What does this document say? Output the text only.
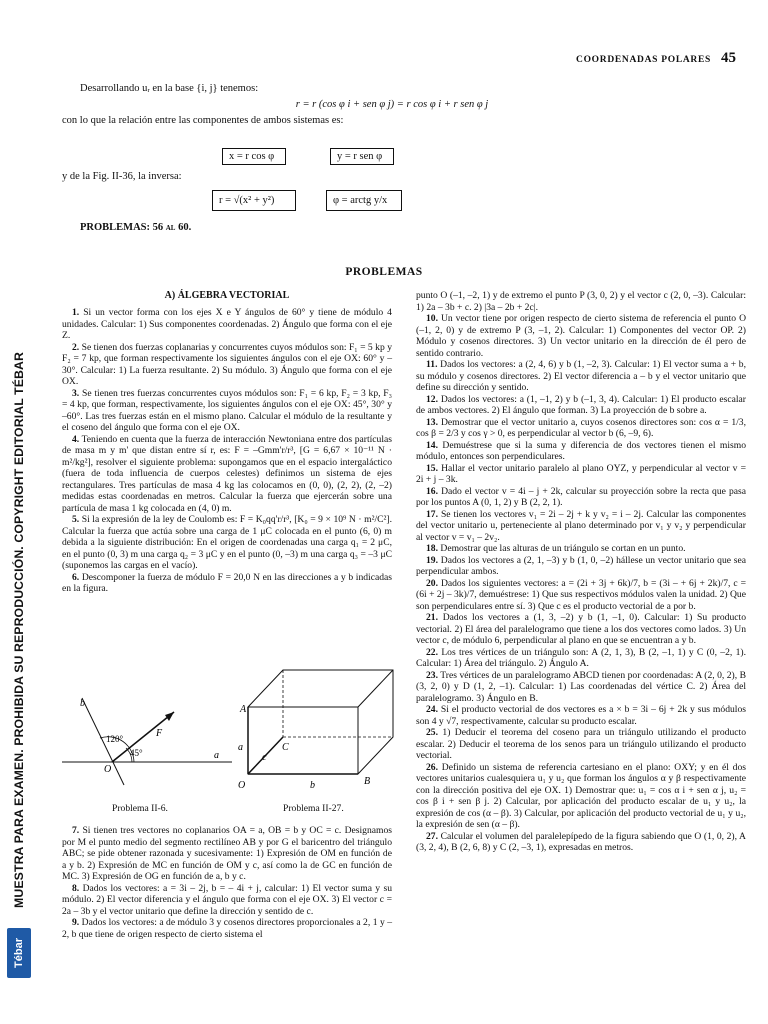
COORDENADAS POLARES 45
MUESTRA PARA EXAMEN. PROHIBIDA SU REPRODUCCIÓN. COPYRIGHT EDITORIAL TÉBAR
Tébar

Desarrollando uᵣ en la base {i, j} tenemos:

r = r (cos φ i + sen φ j) = r cos φ i + r sen φ j

con lo que la relación entre las componentes de ambos sistemas es:

x = r cos φ	y = r sen φ

y de la Fig. II-36, la inversa:

r = √(x² + y²)	φ = arctg y/x

PROBLEMAS: 56 al 60.

PROBLEMAS
A) ÁLGEBRA VECTORIAL

1. Si un vector forma con los ejes X e Y ángulos de 60° y tiene de módulo 4 unidades. Calcular: 1) Sus componentes coordenadas. 2) Ángulo que forma con el eje Z.

2. Se tienen dos fuerzas coplanarias y concurrentes cuyos módulos son: F₁ = 5 kp y F₂ = 7 kp, que forman respectivamente los siguientes ángulos con el eje OX: 60° y –30°. Calcular: 1) La fuerza resultante. 2) Su módulo. 3) Ángulo que forma con el eje OX.

3. Se tienen tres fuerzas concurrentes cuyos módulos son: F₁ = 6 kp, F₂ = 3 kp, F₃ = 4 kp, que forman, respectivamente, los siguientes ángulos con el eje OX: 45°, 30° y –60°. Las tres fuerzas están en el mismo plano. Calcular el módulo de la resultante y el coseno del ángulo que forma con el eje OX.

4. Teniendo en cuenta que la fuerza de interacción Newtoniana entre dos partículas de masa m y m' que distan entre sí r, es: F = –Gmm'r/r³, [G = 6,67 × 10⁻¹¹ N · m²/kg²], resolver el siguiente problema: supongamos que en el espacio intergaláctico (fuera de toda influencia de cuerpos celestes) definimos un sistema de ejes rectangulares. Tres partículas de masa 4 kg las colocamos en (0, 0), (2, 2), (2, –2) medidas estas coordenadas en metros. Calcular la fuerza que ejercerán sobre una partícula de masa 1 kg colocada en (4, 0) m.

5. Si la expresión de la ley de Coulomb es: F = K₀qq'r/r³, [K₀ = 9 × 10⁹ N · m²/C²]. Calcular la fuerza que actúa sobre una carga de 1 μC colocada en el punto (6, 0) m debida a la siguiente distribución: En el origen de coordenadas una carga q₁ = 2 μC, en el punto (0, 3) m una carga q₂ = 3 μC y en el punto (0, –3) m una carga q₃ = –3 μC (suponemos las cargas en el vacío).

6. Descomponer la fuerza de módulo F = 20,0 N en las direcciones a y b indicadas en la figura.

b
F
a
O
120°
45°
Problema II-6.
A
B
C
O
a
b
c
Problema II-27.

7. Si tienen tres vectores no coplanarios OA = a, OB = b y OC = c. Designamos por M el punto medio del segmento rectilíneo AB y por G el baricentro del triángulo ABC; se pide obtener razonada y sucesivamente: 1) Expresión de OM en función de a y b. 2) Expresión de MC en función de OM y c, así como la de GC en función de MC. 3) Expresión de OG en función de a, b y c.

8. Dados los vectores: a = 3i – 2j, b = – 4i + j, calcular: 1) El vector suma y su módulo. 2) El vector diferencia y el ángulo que forma con el eje OX. 3) El vector c = 2a – 3b y el vector unitario que define la dirección y sentido de c.

9. Dados los vectores: a de módulo 3 y cosenos directores proporcionales a 2, 1 y –2, b que tiene de origen respecto de cierto sistema el

punto O (–1, –2, 1) y de extremo el punto P (3, 0, 2) y el vector c (2, 0, –3). Calcular: 1) 2a – 3b + c. 2) |3a – 2b + 2c|.

10. Un vector tiene por origen respecto de cierto sistema de referencia el punto O (–1, 2, 0) y de extremo P (3, –1, 2). Calcular: 1) Componentes del vector OP. 2) Módulo y cosenos directores. 3) Un vector unitario en la dirección de él pero de sentido contrario.

11. Dados los vectores: a (2, 4, 6) y b (1, –2, 3). Calcular: 1) El vector suma a + b, su módulo y cosenos directores. 2) El vector diferencia a – b y el vector unitario que define su dirección y sentido.

12. Dados los vectores: a (1, –1, 2) y b (–1, 3, 4). Calcular: 1) El producto escalar de ambos vectores. 2) El ángulo que forman. 3) La proyección de b sobre a.

13. Demostrar que el vector unitario a, cuyos cosenos directores son: cos α = 1/3, cos β = 2/3 y cos γ > 0, es perpendicular al vector b (6, –9, 6).

14. Demuéstrese que si la suma y diferencia de dos vectores tienen el mismo módulo, entonces son perpendiculares.

15. Hallar el vector unitario paralelo al plano OYZ, y perpendicular al vector v = 2i + j – 3k.

16. Dado el vector v = 4i – j + 2k, calcular su proyección sobre la recta que pasa por los puntos A (0, 1, 2) y B (2, 2, 1).

17. Se tienen los vectores v₁ = 2i – 2j + k y v₂ = i – 2j. Calcular las componentes del vector unitario u, perteneciente al plano determinado por v₁ y v₂ y perpendicular al vector v = v₁ – 2v₂.

18. Demostrar que las alturas de un triángulo se cortan en un punto.

19. Dados los vectores a (2, 1, –3) y b (1, 0, –2) hállese un vector unitario que sea perpendicular ambos.

20. Dados los siguientes vectores: a = (2i + 3j + 6k)/7, b = (3i – + 6j + 2k)/7, c = (6i + 2j – 3k)/7, demuéstrese: 1) Que sus respectivos módulos valen la unidad. 2) Que son perpendiculares entre sí. 3) Que c es el producto vectorial de a por b.

21. Dados los vectores a (1, 3, –2) y b (1, –1, 0). Calcular: 1) Su producto vectorial. 2) El área del paralelogramo que tiene a los dos vectores como lados. 3) Un vector c, de módulo 6, perpendicular al plano en que se encuentran a y b.

22. Los tres vértices de un triángulo son: A (2, 1, 3), B (2, –1, 1) y C (0, –2, 1). Calcular: 1) Área del triángulo. 2) Ángulo A.

23. Tres vértices de un paralelogramo ABCD tienen por coordenadas: A (2, 0, 2), B (3, 2, 0) y D (1, 2, –1). Calcular: 1) Las coordenadas del vértice C. 2) Área del paralelogramo. 3) Ángulo en B.

24. Si el producto vectorial de dos vectores es a × b = 3i – 6j + 2k y sus módulos son 4 y √7, respectivamente, calcular su producto escalar.

25. 1) Deducir el teorema del coseno para un triángulo utilizando el producto escalar. 2) Deducir el teorema de los senos para un triángulo utilizando el producto vectorial.

26. Definido un sistema de referencia cartesiano en el plano: OXY; y en él dos vectores unitarios cualesquiera u₁ y u₂ que forman los ángulos α y β respectivamente con la dirección positiva del eje OX. 1) Demostrar que: u₁ = cos α i + sen α j, u₂ = cos β i + sen β j. 2) Calcular, por aplicación del producto escalar de u₁ y u₂, la expresión de cos (α – β). 3) Calcular, por aplicación del producto vectorial de u₁ y u₂, la expresión de sen (α – β).

27. Calcular el volumen del paralelepípedo de la figura sabiendo que O (1, 0, 2), A (3, 2, 4), B (2, 6, 8) y C (2, –3, 1), expresadas en metros.
